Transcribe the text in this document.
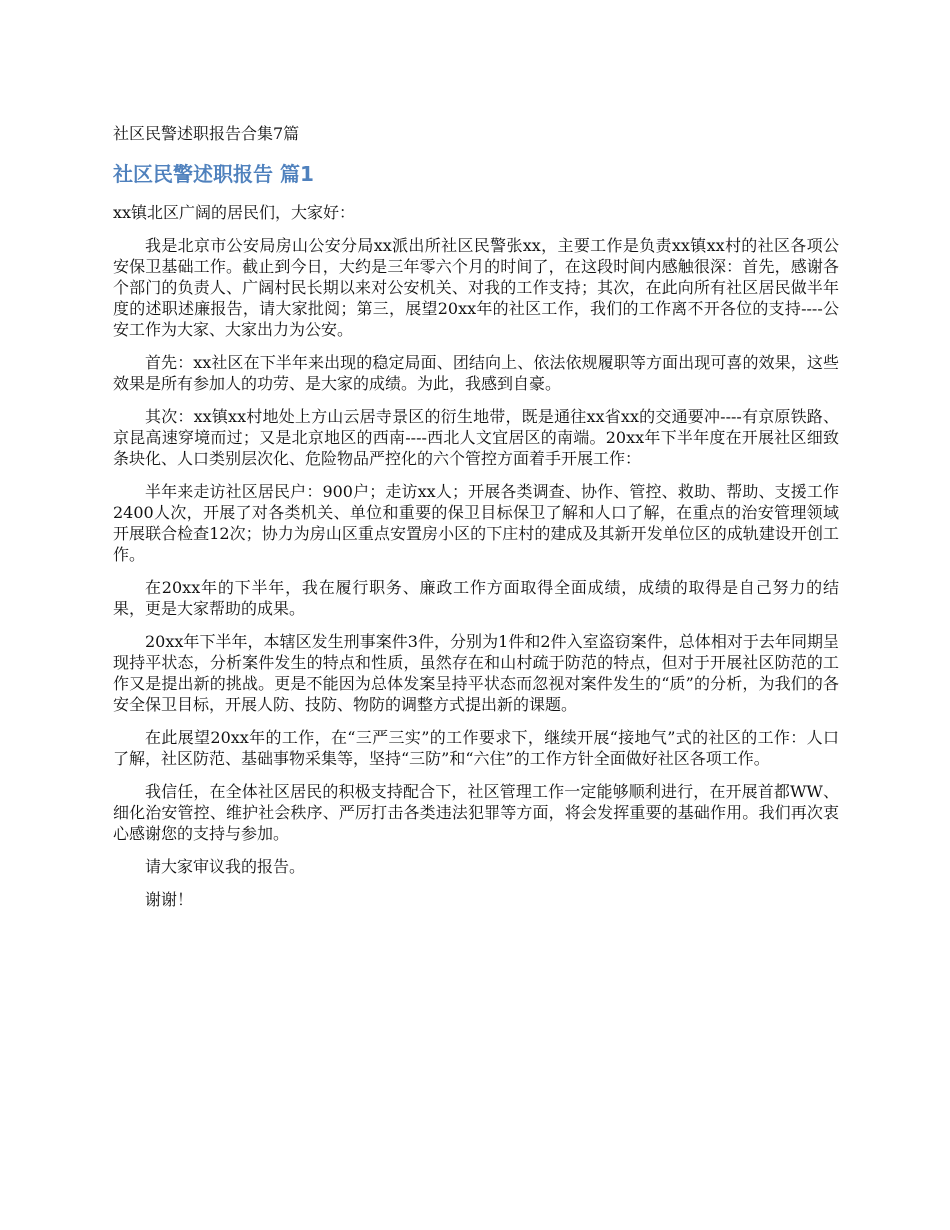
社区民警述职报告合集7篇
社区民警述职报告 篇1

xx镇北区广阔的居民们，大家好：

我是北京市公安局房山公安分局xx派出所社区民警张xx，主要工作是负责xx镇xx村的社区各项公安保卫基础工作。截止到今日，大约是三年零六个月的时间了，在这段时间内感触很深：首先，感谢各个部门的负责人、广阔村民长期以来对公安机关、对我的工作支持；其次，在此向所有社区居民做半年度的述职述廉报告，请大家批阅；第三，展望20xx年的社区工作，我们的工作离不开各位的支持----公安工作为大家、大家出力为公安。

首先：xx社区在下半年来出现的稳定局面、团结向上、依法依规履职等方面出现可喜的效果，这些效果是所有参加人的功劳、是大家的成绩。为此，我感到自豪。

其次：xx镇xx村地处上方山云居寺景区的衍生地带，既是通往xx省xx的交通要冲----有京原铁路、京昆高速穿境而过；又是北京地区的西南----西北人文宜居区的南端。20xx年下半年度在开展社区细致条块化、人口类别层次化、危险物品严控化的六个管控方面着手开展工作：

半年来走访社区居民户：900户；走访xx人；开展各类调查、协作、管控、救助、帮助、支援工作2400人次，开展了对各类机关、单位和重要的保卫目标保卫了解和人口了解，在重点的治安管理领域开展联合检查12次；协力为房山区重点安置房小区的下庄村的建成及其新开发单位区的成轨建设开创工作。

在20xx年的下半年，我在履行职务、廉政工作方面取得全面成绩，成绩的取得是自己努力的结果，更是大家帮助的成果。

20xx年下半年，本辖区发生刑事案件3件，分别为1件和2件入室盗窃案件，总体相对于去年同期呈现持平状态，分析案件发生的特点和性质，虽然存在和山村疏于防范的特点，但对于开展社区防范的工作又是提出新的挑战。更是不能因为总体发案呈持平状态而忽视对案件发生的“质”的分析，为我们的各安全保卫目标，开展人防、技防、物防的调整方式提出新的课题。

在此展望20xx年的工作，在“三严三实”的工作要求下，继续开展“接地气”式的社区的工作：人口了解，社区防范、基础事物采集等，坚持“三防”和“六住”的工作方针全面做好社区各项工作。

我信任，在全体社区居民的积极支持配合下，社区管理工作一定能够顺利进行，在开展首都WW、细化治安管控、维护社会秩序、严厉打击各类违法犯罪等方面，将会发挥重要的基础作用。我们再次衷心感谢您的支持与参加。

请大家审议我的报告。

谢谢！
